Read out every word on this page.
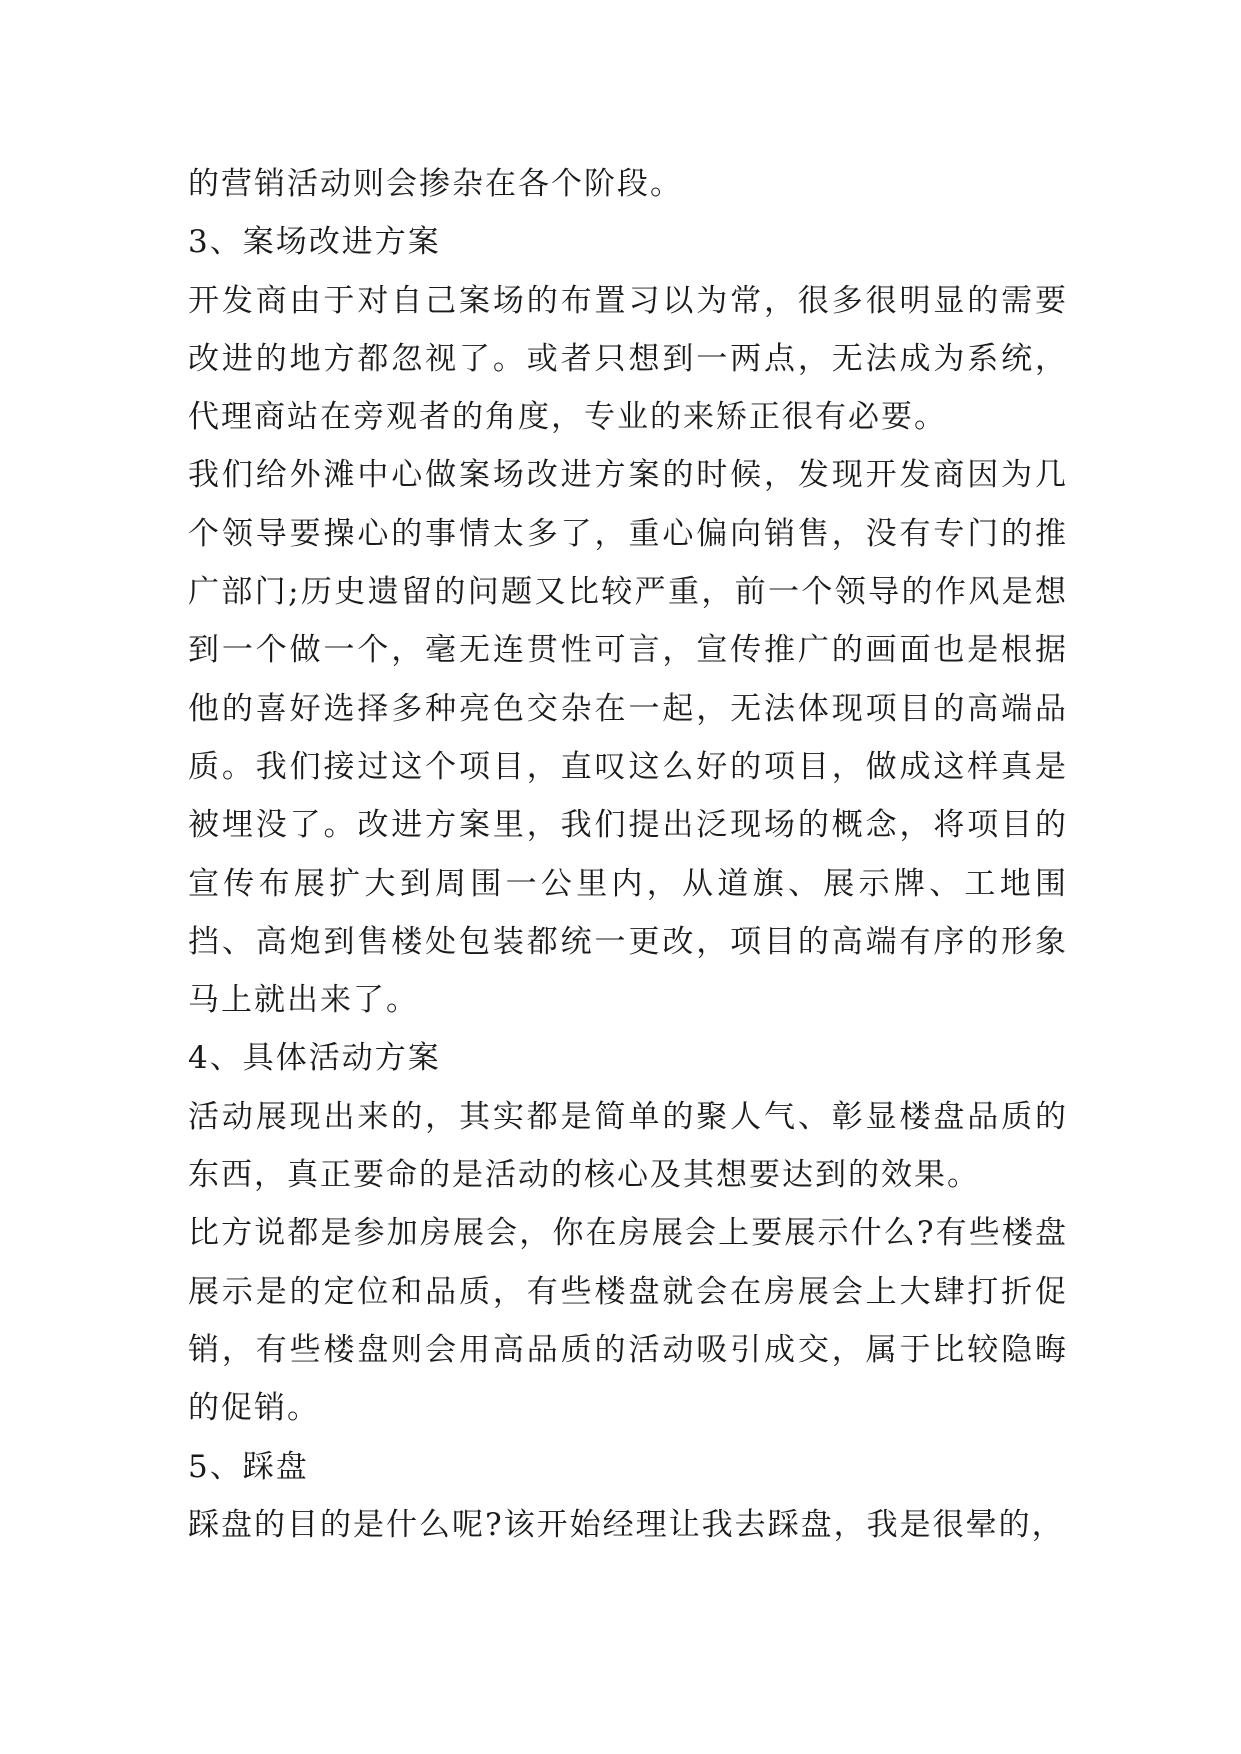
的营销活动则会掺杂在各个阶段。

3、案场改进方案

开发商由于对自己案场的布置习以为常，很多很明显的需要改进的地方都忽视了。或者只想到一两点，无法成为系统，代理商站在旁观者的角度，专业的来矫正很有必要。

我们给外滩中心做案场改进方案的时候，发现开发商因为几个领导要操心的事情太多了，重心偏向销售，没有专门的推广部门;历史遗留的问题又比较严重，前一个领导的作风是想到一个做一个，毫无连贯性可言，宣传推广的画面也是根据他的喜好选择多种亮色交杂在一起，无法体现项目的高端品质。我们接过这个项目，直叹这么好的项目，做成这样真是被埋没了。改进方案里，我们提出泛现场的概念，将项目的宣传布展扩大到周围一公里内，从道旗、展示牌、工地围挡、高炮到售楼处包装都统一更改，项目的高端有序的形象马上就出来了。

4、具体活动方案

活动展现出来的，其实都是简单的聚人气、彰显楼盘品质的东西，真正要命的是活动的核心及其想要达到的效果。

比方说都是参加房展会，你在房展会上要展示什么?有些楼盘展示是的定位和品质，有些楼盘就会在房展会上大肆打折促销，有些楼盘则会用高品质的活动吸引成交，属于比较隐晦的促销。

5、踩盘

踩盘的目的是什么呢?该开始经理让我去踩盘，我是很晕的，
